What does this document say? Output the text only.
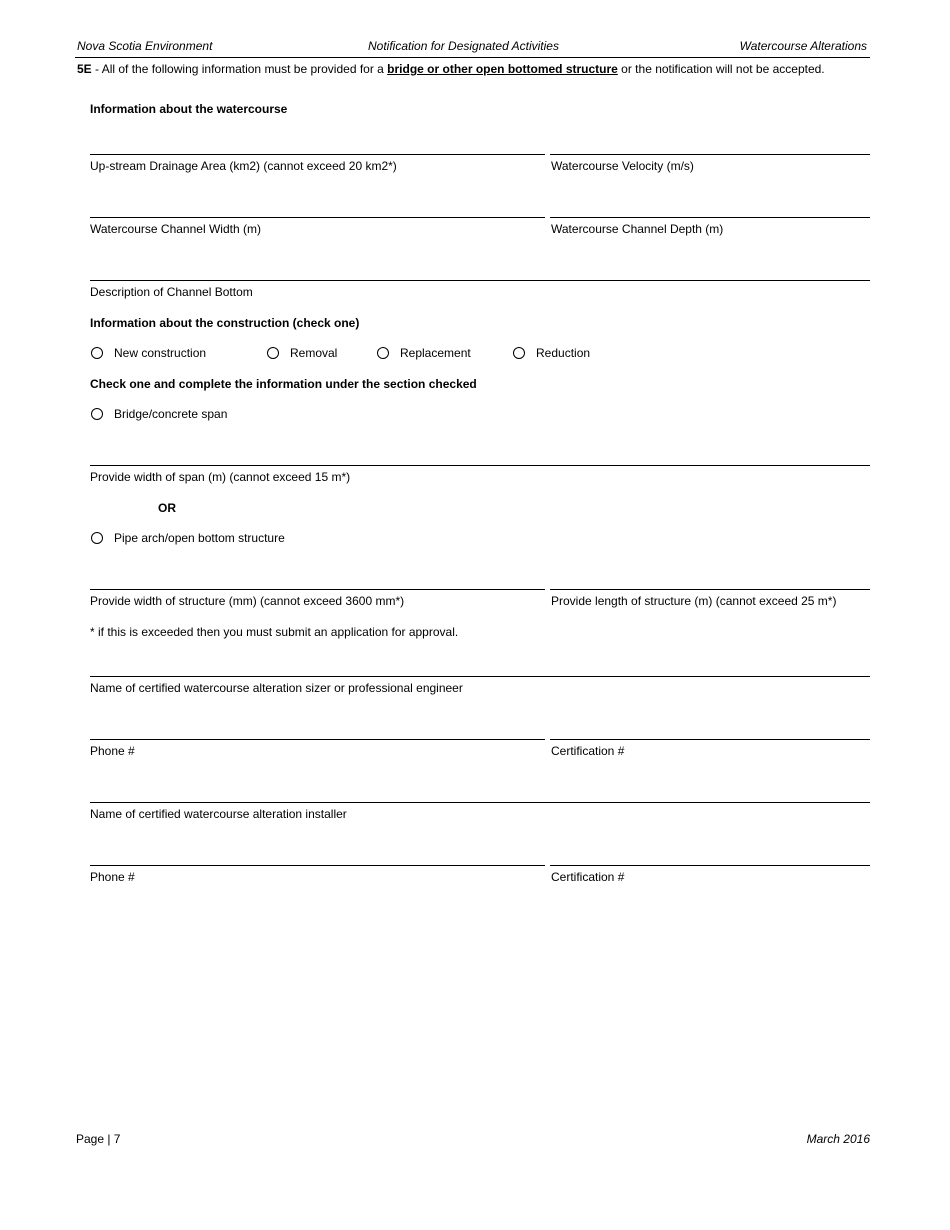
Nova Scotia Environment	Notification for Designated Activities	Watercourse Alterations
5E - All of the following information must be provided for a bridge or other open bottomed structure or the notification will not be accepted.
Information about the watercourse
Up-stream Drainage Area (km2) (cannot exceed 20 km2*)	Watercourse Velocity (m/s)
Watercourse Channel Width (m)	Watercourse Channel Depth (m)
Description of Channel Bottom
Information about the construction (check one)
New construction	Removal	Replacement	Reduction
Check one and complete the information under the section checked
Bridge/concrete span
Provide width of span (m) (cannot exceed 15 m*)
OR
Pipe arch/open bottom structure
Provide width of structure (mm) (cannot exceed 3600 mm*)	Provide length of structure (m) (cannot exceed 25 m*)
* if this is exceeded then you must submit an application for approval.
Name of certified watercourse alteration sizer or professional engineer
Phone #	Certification #
Name of certified watercourse alteration installer
Phone #	Certification #
Page | 7	March 2016
